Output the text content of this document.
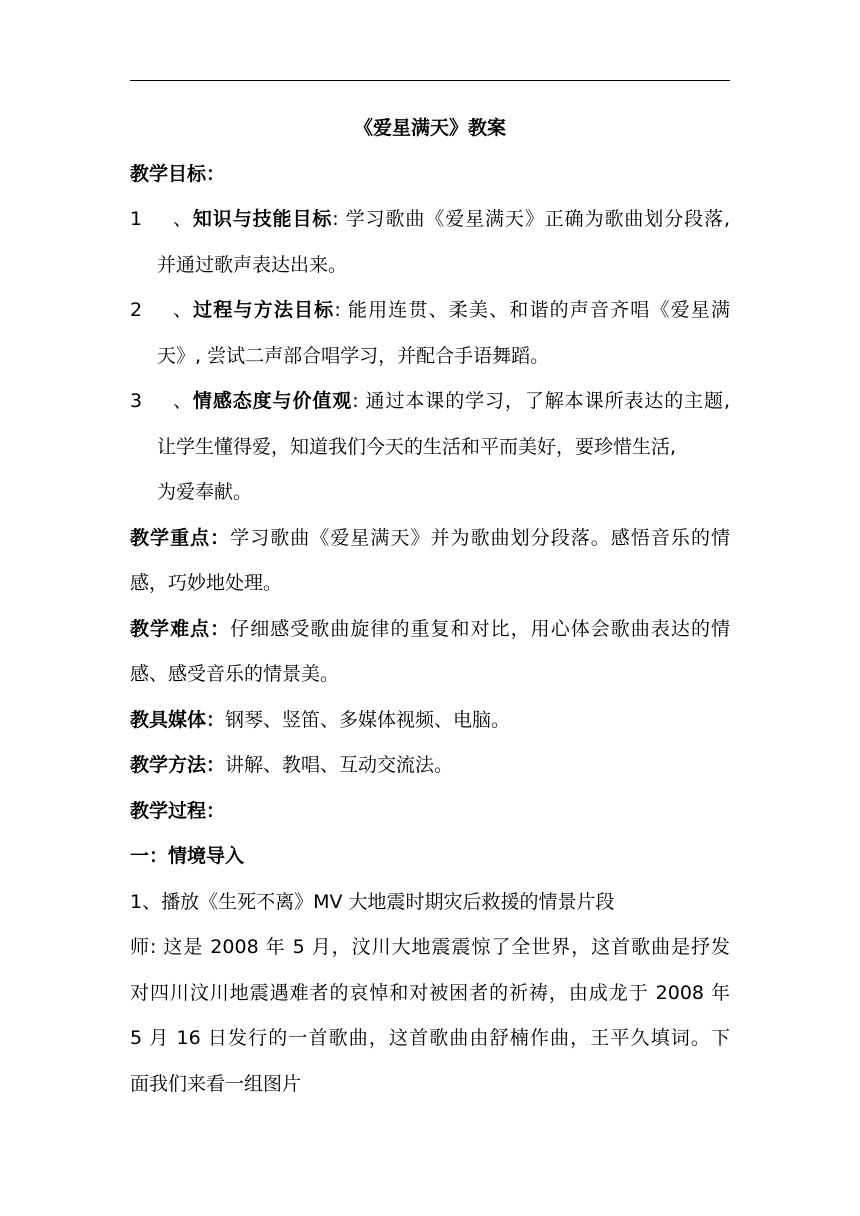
《爱星满天》教案
教学目标：
1、知识与技能目标: 学习歌曲《爱星满天》正确为歌曲划分段落,
并通过歌声表达出来。
2、过程与方法目标: 能用连贯、柔美、和谐的声音齐唱《爱星满
天》, 尝试二声部合唱学习，并配合手语舞蹈。
3、情感态度与价值观: 通过本课的学习，了解本课所表达的主题,
让学生懂得爱，知道我们今天的生活和平而美好，要珍惜生活,
为爱奉献。
教学重点：学习歌曲《爱星满天》并为歌曲划分段落。感悟音乐的情
感，巧妙地处理。
教学难点：仔细感受歌曲旋律的重复和对比，用心体会歌曲表达的情
感、感受音乐的情景美。
教具媒体：钢琴、竖笛、多媒体视频、电脑。
教学方法：讲解、教唱、互动交流法。
教学过程：
一：情境导入
1、播放《生死不离》MV 大地震时期灾后救援的情景片段
师: 这是 2008 年 5 月，汶川大地震震惊了全世界，这首歌曲是抒发
对四川汶川地震遇难者的哀悼和对被困者的祈祷，由成龙于 2008 年
5 月 16 日发行的一首歌曲，这首歌曲由舒楠作曲，王平久填词。下
面我们来看一组图片
